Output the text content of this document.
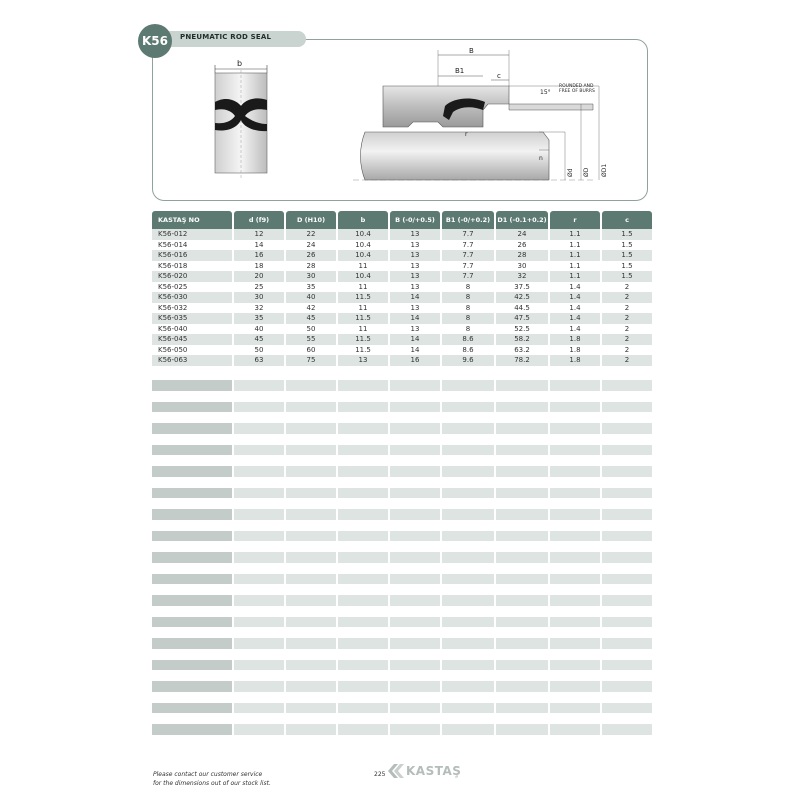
K56	PNEUMATIC ROD SEAL
b
B
B1
c
r
15°
ROUNDED AND
FREE OF BURRS
n
Ød ØD ØD1
KASTAŞ NO	d (f9)	D (H10)	b	B (-0/+0.5)	B1 (-0/+0.2)	D1 (-0.1+0.2)	r	c
K56-012	12	22	10.4	13	7.7	24	1.1	1.5
K56-014	14	24	10.4	13	7.7	26	1.1	1.5
K56-016	16	26	10.4	13	7.7	28	1.1	1.5
K56-018	18	28	11	13	7.7	30	1.1	1.5
K56-020	20	30	10.4	13	7.7	32	1.1	1.5
K56-025	25	35	11	13	8	37.5	1.4	2
K56-030	30	40	11.5	14	8	42.5	1.4	2
K56-032	32	42	11	13	8	44.5	1.4	2
K56-035	35	45	11.5	14	8	47.5	1.4	2
K56-040	40	50	11	13	8	52.5	1.4	2
K56-045	45	55	11.5	14	8.6	58.2	1.8	2
K56-050	50	60	11.5	14	8.6	63.2	1.8	2
K56-063	63	75	13	16	9.6	78.2	1.8	2
Please contact our customer service
for the dimensions out of our stock list.
225 KASTAŞ
